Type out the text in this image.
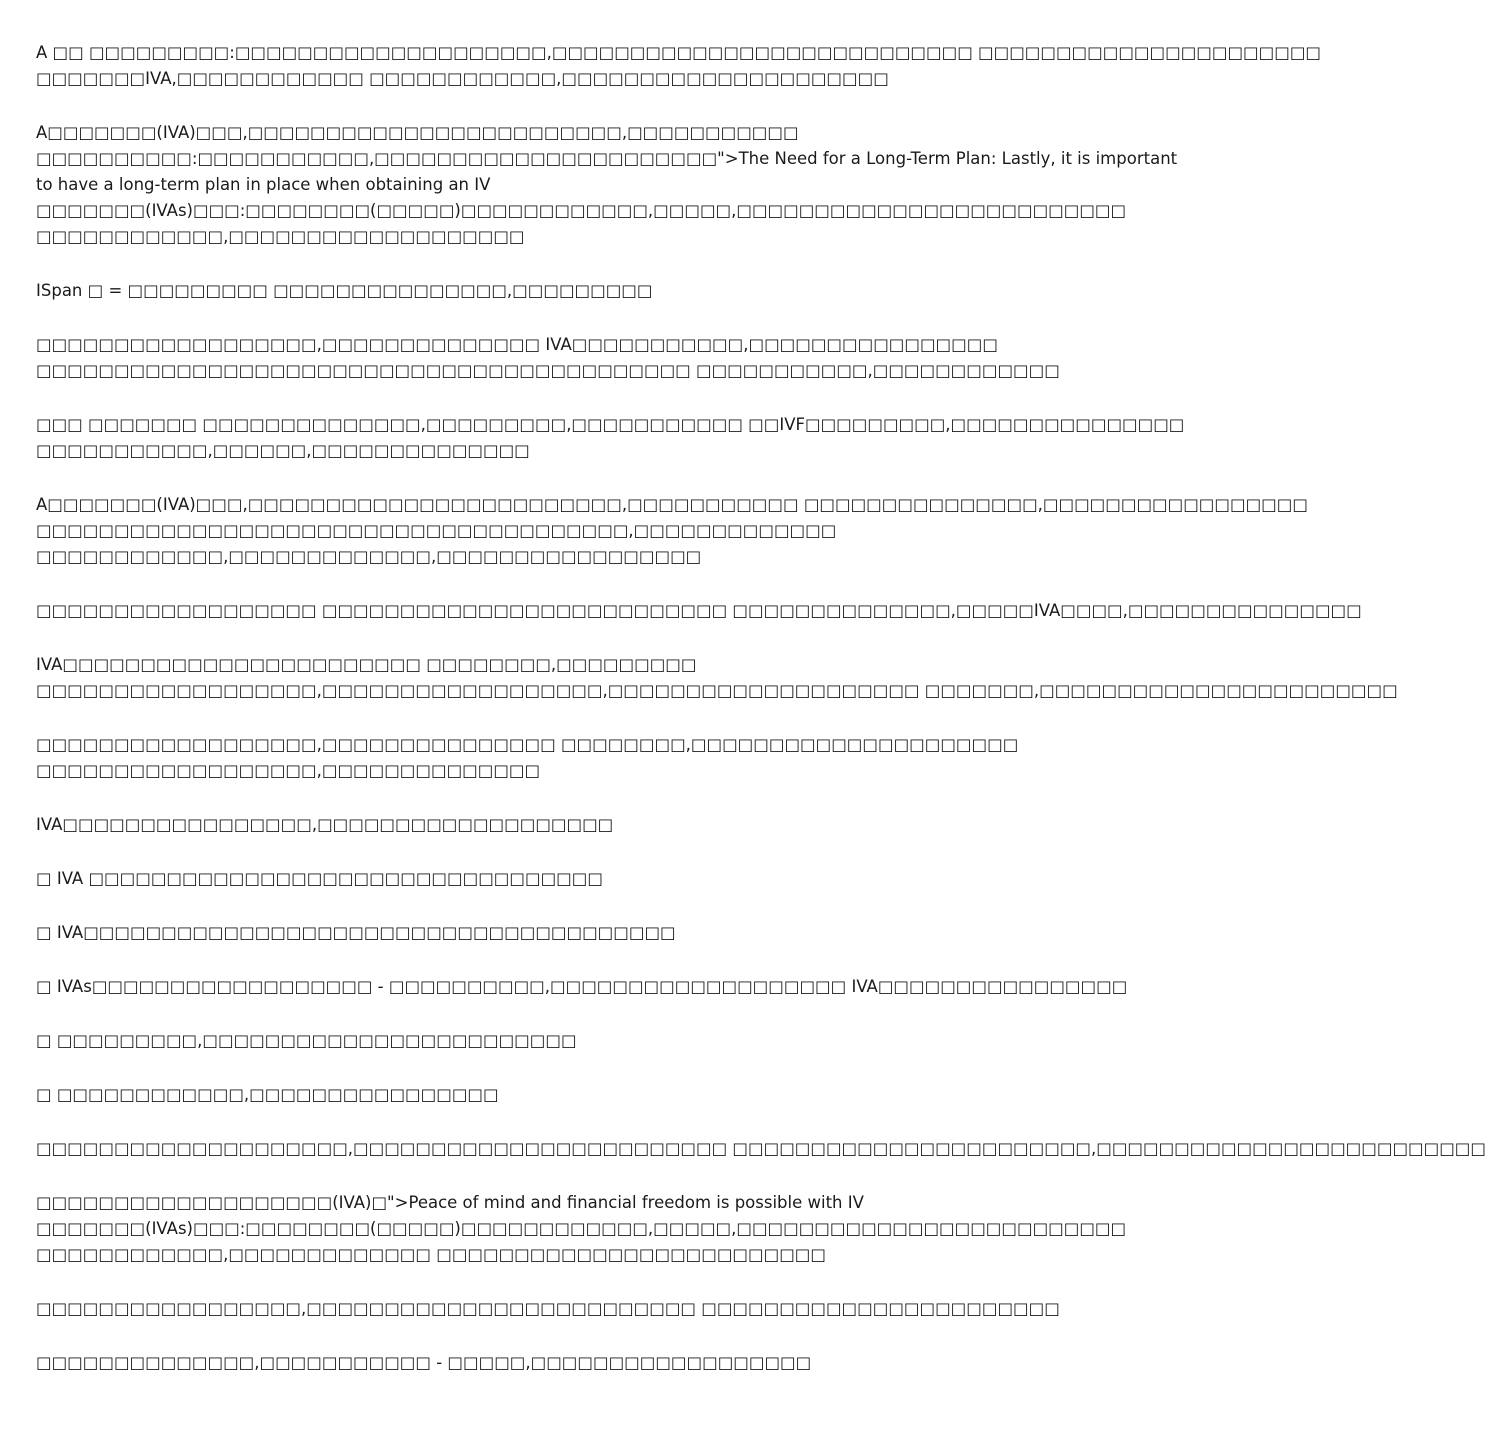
A □□ □□□□□□□□□:□□□□□□□□□□□□□□□□□□□□,□□□□□□□□□□□□□□□□□□□□□□□□□□□ □□□□□□□□□□□□□□□□□□□□□□
□□□□□□□IVA,□□□□□□□□□□□□ □□□□□□□□□□□□,□□□□□□□□□□□□□□□□□□□□□

A□□□□□□□(IVA)□□□,□□□□□□□□□□□□□□□□□□□□□□□□,□□□□□□□□□□□
□□□□□□□□□□:□□□□□□□□□□□,□□□□□□□□□□□□□□□□□□□□□□">The Need for a Long-Term Plan: Lastly, it is important
to have a long-term plan in place when obtaining an IV
□□□□□□□(IVAs)□□□:□□□□□□□□(□□□□□)□□□□□□□□□□□□,□□□□□,□□□□□□□□□□□□□□□□□□□□□□□□□
□□□□□□□□□□□□,□□□□□□□□□□□□□□□□□□□

ISpan □ = □□□□□□□□□ □□□□□□□□□□□□□□□,□□□□□□□□□

□□□□□□□□□□□□□□□□□□,□□□□□□□□□□□□□□ IVA□□□□□□□□□□□,□□□□□□□□□□□□□□□□
□□□□□□□□□□□□□□□□□□□□□□□□□□□□□□□□□□□□□□□□□□ □□□□□□□□□□□,□□□□□□□□□□□□

□□□ □□□□□□□ □□□□□□□□□□□□□□,□□□□□□□□□,□□□□□□□□□□□ □□IVF□□□□□□□□□,□□□□□□□□□□□□□□□
□□□□□□□□□□□,□□□□□□,□□□□□□□□□□□□□□

A□□□□□□□(IVA)□□□,□□□□□□□□□□□□□□□□□□□□□□□□,□□□□□□□□□□□ □□□□□□□□□□□□□□□,□□□□□□□□□□□□□□□□□
□□□□□□□□□□□□□□□□□□□□□□□□□□□□□□□□□□□□□□,□□□□□□□□□□□□□
□□□□□□□□□□□□,□□□□□□□□□□□□□,□□□□□□□□□□□□□□□□□

□□□□□□□□□□□□□□□□□□ □□□□□□□□□□□□□□□□□□□□□□□□□□ □□□□□□□□□□□□□□,□□□□□IVA□□□□,□□□□□□□□□□□□□□□

IVA□□□□□□□□□□□□□□□□□□□□□□□ □□□□□□□□,□□□□□□□□□
□□□□□□□□□□□□□□□□□□,□□□□□□□□□□□□□□□□□□,□□□□□□□□□□□□□□□□□□□□ □□□□□□□,□□□□□□□□□□□□□□□□□□□□□□□

□□□□□□□□□□□□□□□□□□,□□□□□□□□□□□□□□□ □□□□□□□□,□□□□□□□□□□□□□□□□□□□□□
□□□□□□□□□□□□□□□□□□,□□□□□□□□□□□□□□

IVA□□□□□□□□□□□□□□□□,□□□□□□□□□□□□□□□□□□□

□ IVA □□□□□□□□□□□□□□□□□□□□□□□□□□□□□□□□□

□ IVA□□□□□□□□□□□□□□□□□□□□□□□□□□□□□□□□□□□□□□

□ IVAs□□□□□□□□□□□□□□□□□□ - □□□□□□□□□□,□□□□□□□□□□□□□□□□□□□ IVA□□□□□□□□□□□□□□□□

□ □□□□□□□□□,□□□□□□□□□□□□□□□□□□□□□□□□

□ □□□□□□□□□□□□,□□□□□□□□□□□□□□□□

□□□□□□□□□□□□□□□□□□□□,□□□□□□□□□□□□□□□□□□□□□□□□ □□□□□□□□□□□□□□□□□□□□□□□,□□□□□□□□□□□□□□□□□□□□□□□□□

□□□□□□□□□□□□□□□□□□□(IVA)□">Peace of mind and financial freedom is possible with IV
□□□□□□□(IVAs)□□□:□□□□□□□□(□□□□□)□□□□□□□□□□□□,□□□□□,□□□□□□□□□□□□□□□□□□□□□□□□□
□□□□□□□□□□□□,□□□□□□□□□□□□□ □□□□□□□□□□□□□□□□□□□□□□□□□

□□□□□□□□□□□□□□□□□,□□□□□□□□□□□□□□□□□□□□□□□□□ □□□□□□□□□□□□□□□□□□□□□□□

□□□□□□□□□□□□□□,□□□□□□□□□□□ - □□□□□,□□□□□□□□□□□□□□□□□□
